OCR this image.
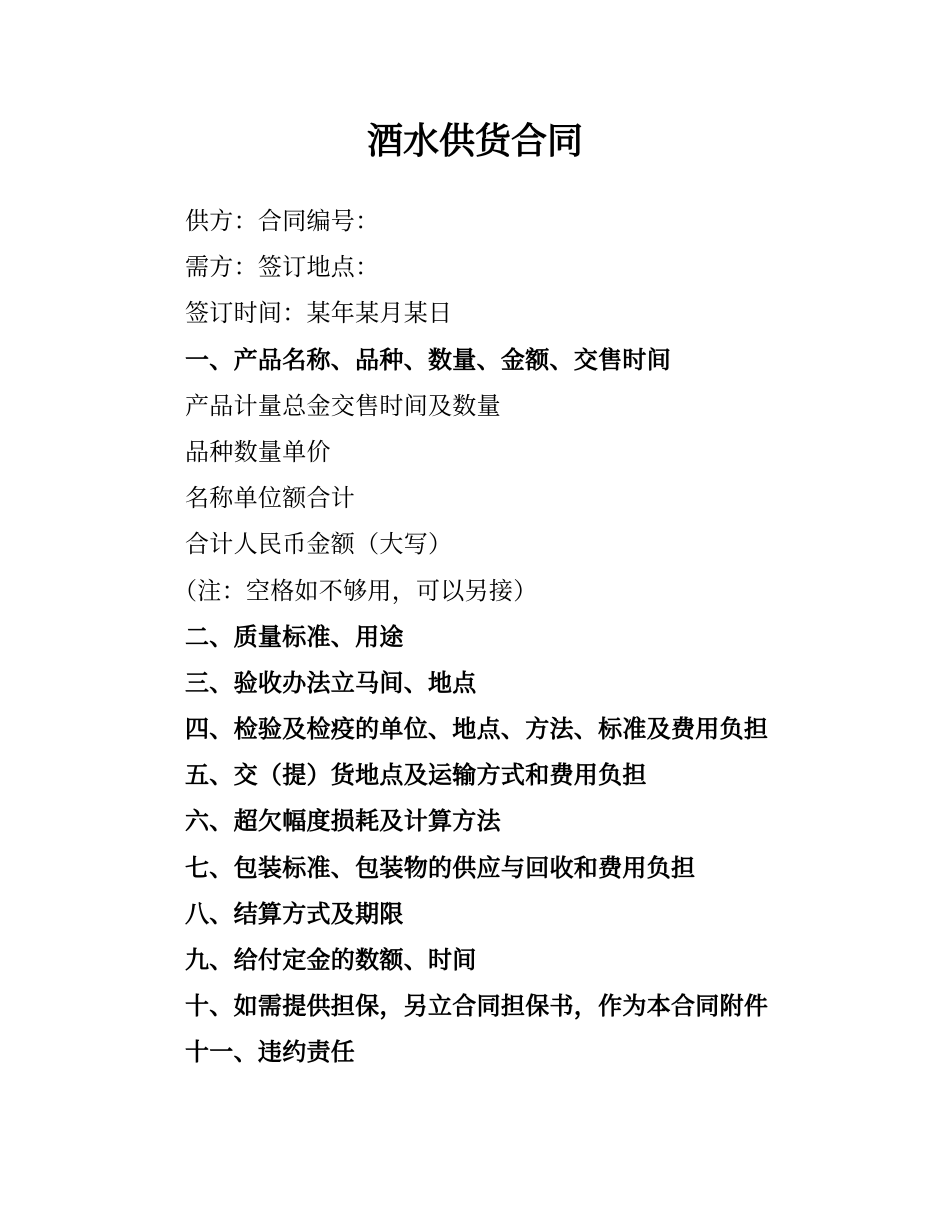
酒水供货合同
供方：合同编号：
需方：签订地点：
签订时间：某年某月某日
一、产品名称、品种、数量、金额、交售时间
产品计量总金交售时间及数量
品种数量单价
名称单位额合计
合计人民币金额（大写）
（注：空格如不够用，可以另接）
二、质量标准、用途
三、验收办法立马间、地点
四、检验及检疫的单位、地点、方法、标准及费用负担
五、交（提）货地点及运输方式和费用负担
六、超欠幅度损耗及计算方法
七、包装标准、包装物的供应与回收和费用负担
八、结算方式及期限
九、给付定金的数额、时间
十、如需提供担保，另立合同担保书，作为本合同附件
十一、违约责任
